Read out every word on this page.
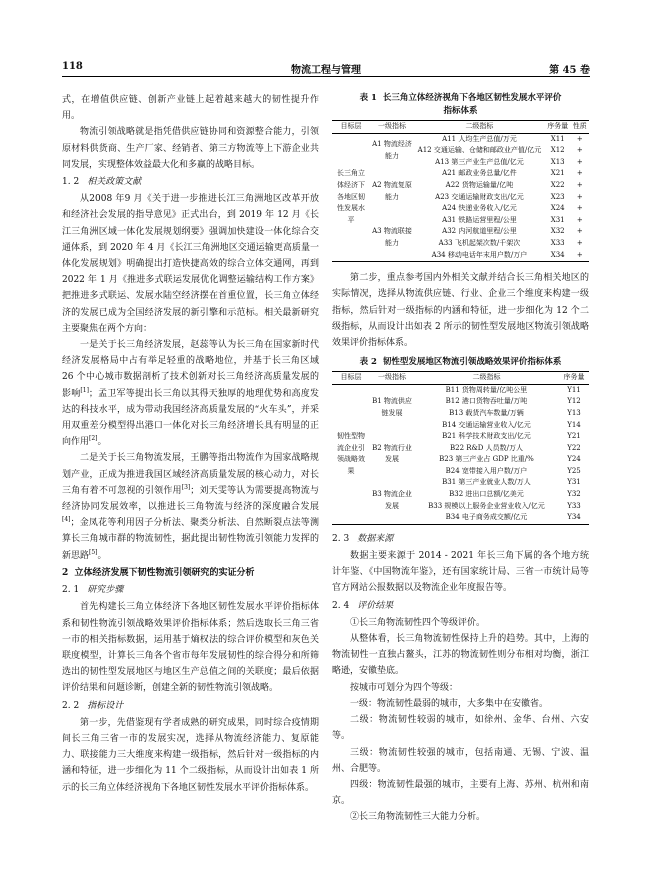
118	物流工程与管理	第 45 卷

式，在增值供应链、创新产业链上起着越来越大的韧性提升作用。

物流引领战略就是指凭借供应链协同和资源整合能力，引领原材料供货商、生产厂家、经销者、第三方物流等上下游企业共同发展，实现整体效益最大化和多赢的战略目标。

1. 2 相关政策文献

从2008 年9 月《关于进一步推进长江三角洲地区改革开放和经济社会发展的指导意见》正式出台，到 2019 年 12 月《长江三角洲区域一体化发展规划纲要》强调加快建设一体化综合交通体系，到 2020 年 4 月《长江三角洲地区交通运输更高质量一体化发展规划》明确提出打造快捷高效的综合立体交通网，再到 2022 年 1 月《推进多式联运发展优化调整运输结构工作方案》把推进多式联运、发展水陆空经济摆在首重位置，长三角立体经济的发展已成为全国经济发展的新引擎和示范标。相关最新研究主要聚焦在两个方向：

一是关于长三角经济发展，赵蕊等认为长三角在国家新时代经济发展格局中占有举足轻重的战略地位，并基于长三角区域 26 个中心城市数据剖析了技术创新对长三角经济高质量发展的影响[1]；孟卫军等提出长三角以其得天独厚的地理优势和高度发达的科技水平，成为带动我国经济高质量发展的“火车头”，并采用双重差分模型得出港口一体化对长三角经济增长具有明显的正向作用[2]。

二是关于长三角物流发展，王鹏等指出物流作为国家战略规划产业，正成为推进我国区域经济高质量发展的核心动力，对长三角有着不可忽视的引领作用[3]；刘天雯等认为需要提高物流与经济协同发展效率，以推进长三角物流与经济的深度融合发展[4]；金凤花等利用因子分析法、聚类分析法、自然断裂点法等测算长三角城市群的物流韧性，据此提出韧性物流引领能力发挥的新思路[5]。

2 立体经济发展下韧性物流引领研究的实证分析

2. 1 研究步骤

首先构建长三角立体经济下各地区韧性发展水平评价指标体系和韧性物流引领战略效果评价指标体系；然后选取长三角三省一市的相关指标数据，运用基于熵权法的综合评价模型和灰色关联度模型，计算长三角各个省市每年发展韧性的综合得分和所筛选出的韧性型发展地区与地区生产总值之间的关联度；最后依据评价结果和问题诊断，创建全新的韧性物流引领战略。

2. 2 指标设计

第一步，先借鉴现有学者成熟的研究成果，同时综合疫情期间长三角三省一市的发展实况，选择从物流经济能力、复原能力、联接能力三大维度来构建一级指标，然后针对一级指标的内涵和特征，进一步细化为 11 个二级指标，从而设计出如表 1 所示的长三角立体经济视角下各地区韧性发展水平评价指标体系。

表 1 长三角立体经济视角下各地区韧性发展水平评价
指标体系
目标层	一级指标	二级指标	序务量	性质
长三角立体经济下各地区韧性发展水平	A1 物流经济能力	A11 人均生产总值/万元	X11	+
		A12 交通运输、仓储和邮政业产值/亿元	X12	+
		A13 第三产业生产总值/亿元	X13	+
	A2 物流复原能力	A21 邮政业务总量/亿件	X21	+
		A22 货物运输量/亿吨	X22	+
		A23 交通运输财政支出/亿元	X23	+
		A24 快递业务收入/亿元	X24	+
	A3 物流联接能力	A31 铁路运营里程/公里	X31	+
		A32 内河航道里程/公里	X32	+
		A33 飞机起架次数/千架次	X33	+
		A34 移动电话年末用户数/万户	X34	+

第二步，重点参考国内外相关文献并结合长三角相关地区的实际情况，选择从物流供应链、行业、企业三个维度来构建一级指标，然后针对一级指标的内涵和特征，进一步细化为 12 个二级指标，从而设计出如表 2 所示的韧性型发展地区物流引领战略效果评价指标体系。

表 2 韧性型发展地区物流引领战略效果评价指标体系
目标层	一级指标	二级指标	序务量
韧性型物流企业引领战略效果	B1 物流供应链发展	B11 货物周转量/亿吨公里	Y11
		B12 港口货物吞吐量/万吨	Y12
		B13 载货汽车数量/万辆	Y13
		B14 交通运输营业收入/亿元	Y14
	B2 物流行业发展	B21 科学技术财政支出/亿元	Y21
		B22 R&D 人员数/万人	Y22
		B23 第三产业占 GDP 比重/%	Y24
		B24 宽带接入用户数/万户	Y25
	B3 物流企业发展	B31 第三产业就业人数/万人	Y31
		B32 进出口总额/亿美元	Y32
		B33 规模以上服务企业营业收入/亿元	Y33
		B34 电子商务成交额/亿元	Y34

2. 3 数据来源

数据主要来源于 2014 - 2021 年长三角下属的各个地方统计年鉴、《中国物流年鉴》，还有国家统计局、三省一市统计局等官方网站公报数据以及物流企业年度报告等。

2. 4 评价结果

①长三角物流韧性四个等级评价。

从整体看，长三角物流韧性保持上升的趋势。其中，上海的物流韧性一直独占鳌头，江苏的物流韧性则分布相对均衡，浙江略逊，安徽垫底。

按城市可划分为四个等级：

一级：物流韧性最弱的城市，大多集中在安徽省。

二级：物流韧性较弱的城市，如徐州、金华、台州、六安等。

三级：物流韧性较强的城市，包括南通、无锡、宁波、温州、合肥等。

四级：物流韧性最强的城市，主要有上海、苏州、杭州和南京。

②长三角物流韧性三大能力分析。
